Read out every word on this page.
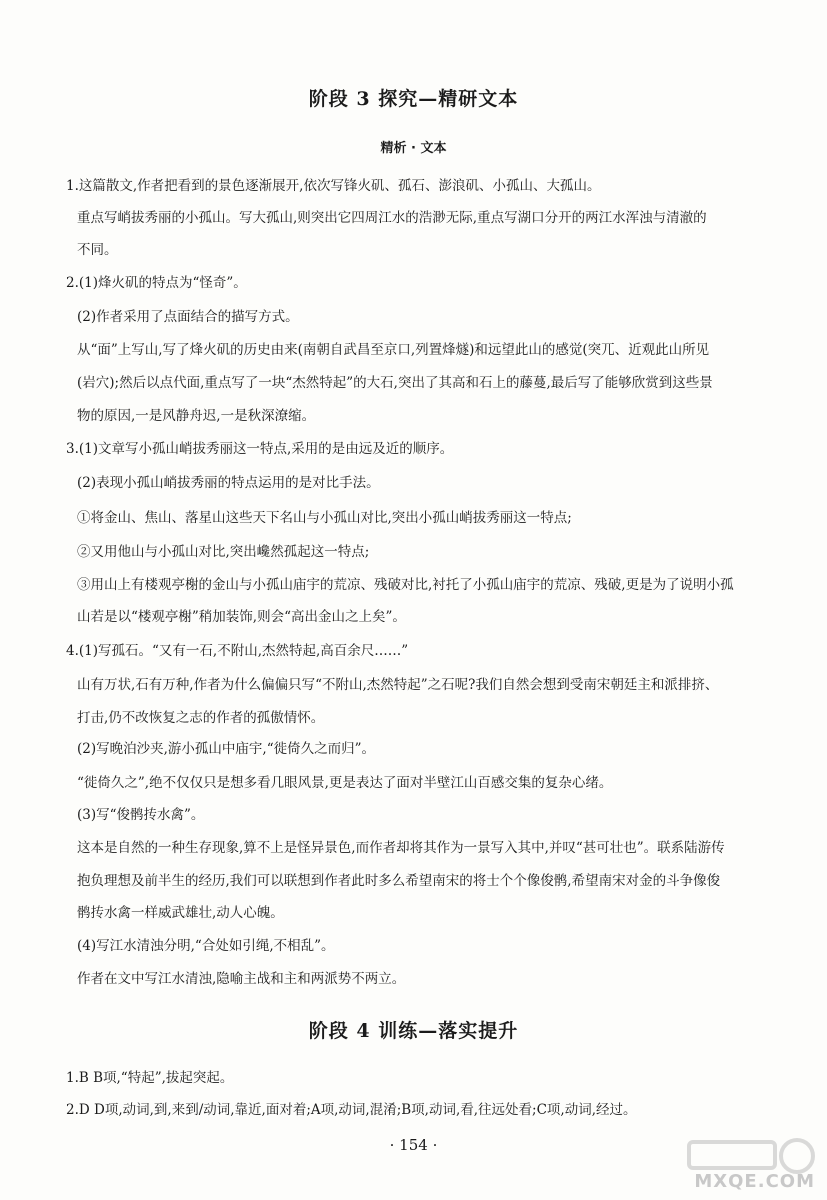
阶段 3 探究—精研文本
精析 · 文本
1.这篇散文,作者把看到的景色逐渐展开,依次写锋火矶、孤石、澎浪矶、小孤山、大孤山。
重点写峭拔秀丽的小孤山。写大孤山,则突出它四周江水的浩渺无际,重点写湖口分开的两江水浑浊与清澈的
不同。
2.(1)烽火矶的特点为“怪奇”。
(2)作者采用了点面结合的描写方式。
从“面”上写山,写了烽火矶的历史由来(南朝自武昌至京口,列置烽燧)和远望此山的感觉(突兀、近观此山所见
(岩穴);然后以点代面,重点写了一块“杰然特起”的大石,突出了其高和石上的藤蔓,最后写了能够欣赏到这些景
物的原因,一是风静舟迟,一是秋深潦缩。
3.(1)文章写小孤山峭拔秀丽这一特点,采用的是由远及近的顺序。
(2)表现小孤山峭拔秀丽的特点运用的是对比手法。
①将金山、焦山、落星山这些天下名山与小孤山对比,突出小孤山峭拔秀丽这一特点;
②又用他山与小孤山对比,突出巉然孤起这一特点;
③用山上有楼观亭榭的金山与小孤山庙宇的荒凉、残破对比,衬托了小孤山庙宇的荒凉、残破,更是为了说明小孤
山若是以“楼观亭榭”稍加装饰,则会“高出金山之上矣”。
4.(1)写孤石。“又有一石,不附山,杰然特起,高百余尺……”
山有万状,石有万种,作者为什么偏偏只写“不附山,杰然特起”之石呢?我们自然会想到受南宋朝廷主和派排挤、
打击,仍不改恢复之志的作者的孤傲情怀。
(2)写晚泊沙夹,游小孤山中庙宇,“徙倚久之而归”。
“徙倚久之”,绝不仅仅只是想多看几眼风景,更是表达了面对半壁江山百感交集的复杂心绪。
(3)写“俊鹘抟水禽”。
这本是自然的一种生存现象,算不上是怪异景色,而作者却将其作为一景写入其中,并叹“甚可壮也”。联系陆游传
抱负理想及前半生的经历,我们可以联想到作者此时多么希望南宋的将士个个像俊鹘,希望南宋对金的斗争像俊
鹘抟水禽一样威武雄壮,动人心魄。
(4)写江水清浊分明,“合处如引绳,不相乱”。
作者在文中写江水清浊,隐喻主战和主和两派势不两立。
阶段 4 训练—落实提升
1.B B项,“特起”,拔起突起。
2.D D项,动词,到,来到/动词,靠近,面对着;A项,动词,混淆;B项,动词,看,往远处看;C项,动词,经过。
· 154 ·
MXQE.COM
